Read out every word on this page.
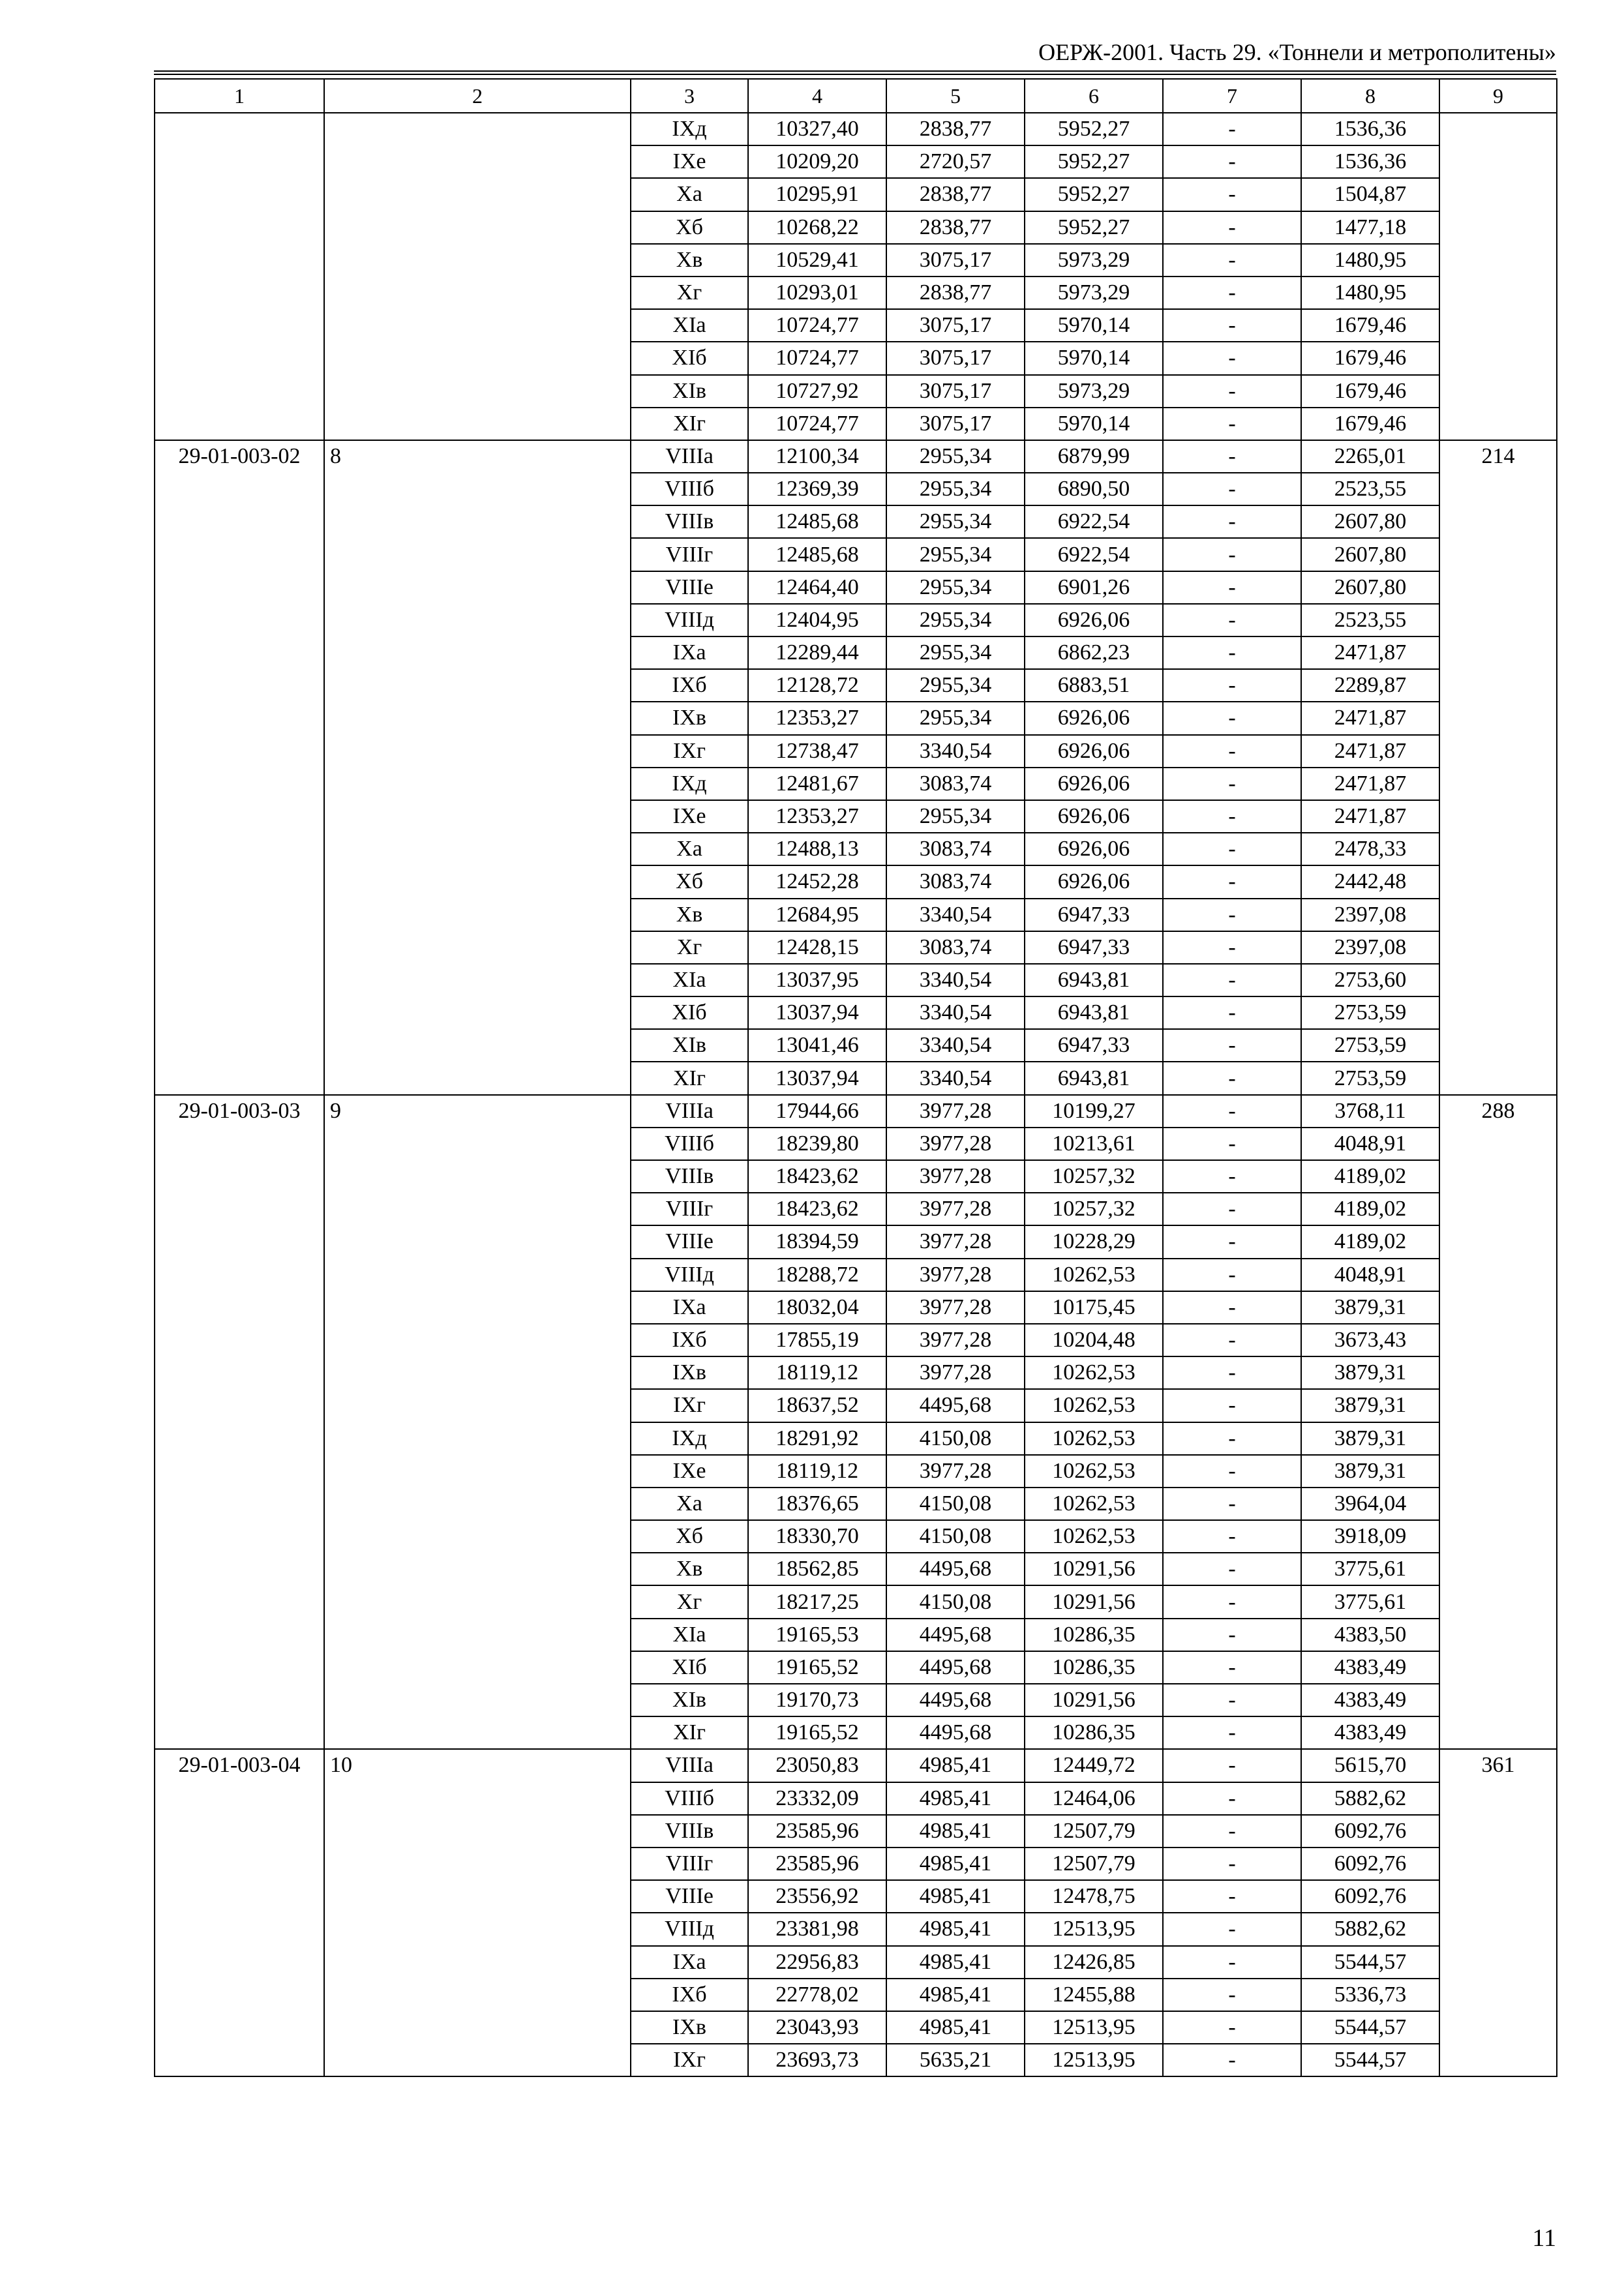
ОЕРЖ-2001. Часть 29. «Тоннели и метрополитены»
1	2	3	4	5	6	7	8	9
		IXд	10327,40	2838,77	5952,27	-	1536,36	
		IXе	10209,20	2720,57	5952,27	-	1536,36	
		Xа	10295,91	2838,77	5952,27	-	1504,87	
		Xб	10268,22	2838,77	5952,27	-	1477,18	
		Xв	10529,41	3075,17	5973,29	-	1480,95	
		Xг	10293,01	2838,77	5973,29	-	1480,95	
		XIа	10724,77	3075,17	5970,14	-	1679,46	
		XIб	10724,77	3075,17	5970,14	-	1679,46	
		XIв	10727,92	3075,17	5973,29	-	1679,46	
		XIг	10724,77	3075,17	5970,14	-	1679,46	
29-01-003-02	8	VIIIа	12100,34	2955,34	6879,99	-	2265,01	214
		VIIIб	12369,39	2955,34	6890,50	-	2523,55	
		VIIIв	12485,68	2955,34	6922,54	-	2607,80	
		VIIIг	12485,68	2955,34	6922,54	-	2607,80	
		VIIIе	12464,40	2955,34	6901,26	-	2607,80	
		VIIIд	12404,95	2955,34	6926,06	-	2523,55	
		IXа	12289,44	2955,34	6862,23	-	2471,87	
		IXб	12128,72	2955,34	6883,51	-	2289,87	
		IXв	12353,27	2955,34	6926,06	-	2471,87	
		IXг	12738,47	3340,54	6926,06	-	2471,87	
		IXд	12481,67	3083,74	6926,06	-	2471,87	
		IXе	12353,27	2955,34	6926,06	-	2471,87	
		Xа	12488,13	3083,74	6926,06	-	2478,33	
		Xб	12452,28	3083,74	6926,06	-	2442,48	
		Xв	12684,95	3340,54	6947,33	-	2397,08	
		Xг	12428,15	3083,74	6947,33	-	2397,08	
		XIа	13037,95	3340,54	6943,81	-	2753,60	
		XIб	13037,94	3340,54	6943,81	-	2753,59	
		XIв	13041,46	3340,54	6947,33	-	2753,59	
		XIг	13037,94	3340,54	6943,81	-	2753,59	
29-01-003-03	9	VIIIа	17944,66	3977,28	10199,27	-	3768,11	288
		VIIIб	18239,80	3977,28	10213,61	-	4048,91	
		VIIIв	18423,62	3977,28	10257,32	-	4189,02	
		VIIIг	18423,62	3977,28	10257,32	-	4189,02	
		VIIIе	18394,59	3977,28	10228,29	-	4189,02	
		VIIIд	18288,72	3977,28	10262,53	-	4048,91	
		IXа	18032,04	3977,28	10175,45	-	3879,31	
		IXб	17855,19	3977,28	10204,48	-	3673,43	
		IXв	18119,12	3977,28	10262,53	-	3879,31	
		IXг	18637,52	4495,68	10262,53	-	3879,31	
		IXд	18291,92	4150,08	10262,53	-	3879,31	
		IXе	18119,12	3977,28	10262,53	-	3879,31	
		Xа	18376,65	4150,08	10262,53	-	3964,04	
		Xб	18330,70	4150,08	10262,53	-	3918,09	
		Xв	18562,85	4495,68	10291,56	-	3775,61	
		Xг	18217,25	4150,08	10291,56	-	3775,61	
		XIа	19165,53	4495,68	10286,35	-	4383,50	
		XIб	19165,52	4495,68	10286,35	-	4383,49	
		XIв	19170,73	4495,68	10291,56	-	4383,49	
		XIг	19165,52	4495,68	10286,35	-	4383,49	
29-01-003-04	10	VIIIа	23050,83	4985,41	12449,72	-	5615,70	361
		VIIIб	23332,09	4985,41	12464,06	-	5882,62	
		VIIIв	23585,96	4985,41	12507,79	-	6092,76	
		VIIIг	23585,96	4985,41	12507,79	-	6092,76	
		VIIIе	23556,92	4985,41	12478,75	-	6092,76	
		VIIIд	23381,98	4985,41	12513,95	-	5882,62	
		IXа	22956,83	4985,41	12426,85	-	5544,57	
		IXб	22778,02	4985,41	12455,88	-	5336,73	
		IXв	23043,93	4985,41	12513,95	-	5544,57	
		IXг	23693,73	5635,21	12513,95	-	5544,57	
11
